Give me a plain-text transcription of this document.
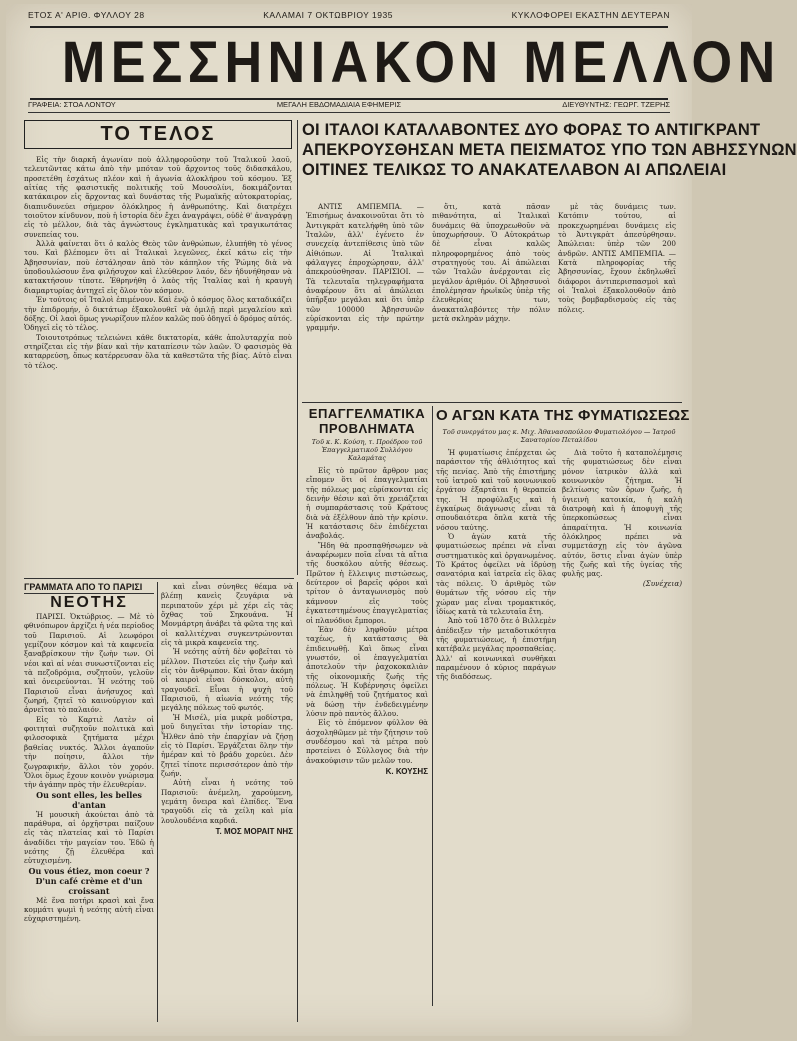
ΕΤΟΣ Α' ΑΡΙΘ. ΦΥΛΛΟΥ 28	ΚΑΛΑΜΑΙ 7 ΟΚΤΩΒΡΙΟΥ 1935	ΚΥΚΛΟΦΟΡΕΙ ΕΚΑΣΤΗΝ ΔΕΥΤΕΡΑΝ
ΜΕΣΣΗΝΙΑΚΟΝ ΜΕΛΛΟΝ
ΓΡΑΦΕΙΑ: ΣΤΟΑ ΛΟΝΤΟΥ	ΜΕΓΑΛΗ ΕΒΔΟΜΑΔΙΑΙΑ ΕΦΗΜΕΡΙΣ	ΔΙΕΥΘΥΝΤΗΣ: ΓΕΩΡΓ. ΤΖΕΡΗΣ
ΤΟ ΤΕΛΟΣ

Εἰς τὴν διαρκῆ ἀγωνίαν ποὺ ἀλληφοροῦσην τοῦ Ἰταλικοῦ λαοῦ, τελευτῶντας κάτω ἀπὸ τὴν μπόταν τοῦ ἄρχοντος τοῦς διδασκάλου, προσετέθη ἐσχάτως πλέον καὶ ἡ ἀγωνία ἀλοκλήρου τοῦ κόσμου. Ἐξ αἰτίας τῆς φασιστικῆς πολιτικῆς τοῦ Μουσολίνι, δοκιμάζονται κατάκαιρον εἰς ἄρχοντας καὶ δυνάστας τῆς Ρωμαϊκῆς αὐτοκρατορίας, διαπινδυνεύει σήμερον ὁλόκληρος ἡ ἀνθρωπότης. Καὶ διατρέχει τοιοῦτον κίνδυνον, ποὺ ἡ ἱστορία δὲν ἔχει ἀναγράψει, οὐδὲ θ' ἀναγράψῃ εἰς τὸ μέλλον, διὰ τὰς ἀγνώστους ἐγκληματικὰς καὶ τραγικωτάτας συνεπείας του.

Ἀλλὰ φαίνεται ὅτι ὁ καλὸς Θεὸς τῶν ἀνθρώπων, ἐλυπήθη τὸ γένος του. Καὶ βλέπομεν ὅτι αἱ Ἰταλικαὶ λεγεῶνες, ἐκεῖ κάτω εἰς τὴν Ἀβησσυνίαν, ποὺ ἐστάλησαν ἀπὸ τὸν κάπηλον τῆς Ῥώμης διὰ νὰ ὑποδουλώσουν ἕνα φιλήσυχον καὶ ἐλεύθερον λαόν, δὲν ἠδυνήθησαν νὰ κατακτήσουν τίποτε. Ἐθρηνήθη ὁ λαὸς τῆς Ἰταλίας καὶ ἡ κραυγὴ διαμαρτυρίας ἀντηχεῖ εἰς ὅλον τὸν κόσμον.

Ἐν τούτοις οἱ Ἰταλοὶ ἐπιμένουν. Καὶ ἐνῷ ὁ κόσμος ὅλος καταδικάζει τὴν ἐπιδρομήν, ὁ δικτάτωρ ἐξακολουθεῖ νὰ ὁμιλῇ περὶ μεγαλείου καὶ δόξης. Οἱ λαοὶ ὅμως γνωρίζουν πλέον καλῶς ποῦ ὁδηγεῖ ὁ δρόμος αὐτός. Ὁδηγεῖ εἰς τὸ τέλος.

Τοιουτοτρόπως τελειώνει κάθε δικτατορία, κάθε ἀπολυταρχία ποὺ στηρίζεται εἰς τὴν βίαν καὶ τὴν καταπίεσιν τῶν λαῶν. Ὁ φασισμὸς θὰ καταρρεύσῃ, ὅπως κατέρρευσαν ὅλα τὰ καθεστῶτα τῆς βίας. Αὐτὸ εἶναι τὸ τέλος.

ΟΙ ΙΤΑΛΟΙ ΚΑΤΑΛΑΒΟΝΤΕΣ ΔΥΟ ΦΟΡΑΣ ΤΟ ΑΝΤΙΓΚΡΑΝΤ
ΑΠΕΚΡΟΥΣΘΗΣΑΝ ΜΕΤΑ ΠΕΙΣΜΑΤΟΣ ΥΠΟ ΤΩΝ ΑΒΗΣΣΥΝΩΝ
ΟΙΤΙΝΕΣ ΤΕΛΙΚΩΣ ΤΟ ΑΝΑΚΑΤΕΛΑΒΟΝ ΑΙ ΑΠΩΛΕΙΑΙ

ΑΝΤΙΣ ΑΜΠΕΜΠΑ. — Ἐπισήμως ἀνακοινοῦται ὅτι τὸ Ἀντιγκρὰτ κατελήφθη ὑπὸ τῶν Ἰταλῶν, ἀλλ' ἐγένετο ἐν συνεχείᾳ ἀντεπίθεσις ὑπὸ τῶν Αἰθιόπων. Αἱ Ἰταλικαὶ φάλαγγες ἐπροχώρησαν, ἀλλ' ἀπεκρούσθησαν. ΠΑΡΙΣΙΟΙ. — Τὰ τελευταῖα τηλεγραφήματα ἀναφέρουν ὅτι αἱ ἀπώλειαι ὑπῆρξαν μεγάλαι καὶ ὅτι ὑπὲρ τῶν 100000 Ἀβησσυνῶν εὑρίσκονται εἰς τὴν πρώτην γραμμήν.

ὅτι, κατὰ πᾶσαν πιθανότητα, αἱ Ἰταλικαὶ δυνάμεις θὰ ὑποχρεωθοῦν νὰ ὑποχωρήσουν. Ὁ Αὐτοκράτωρ δὲ εἶναι καλῶς πληροφορημένος ἀπὸ τοὺς στρατηγούς του. Αἱ ἀπώλειαι τῶν Ἰταλῶν ἀνέρχονται εἰς μεγάλον ἀριθμόν. Οἱ Ἀβησσυνοὶ ἐπολέμησαν ἡρωϊκῶς ὑπὲρ τῆς ἐλευθερίας των, ἀνακαταλαβόντες τὴν πόλιν μετὰ σκληρὰν μάχην.

μὲ τὰς δυνάμεις των. Κατόπιν τούτου, αἱ προκεχωρημέναι δυνάμεις εἰς τὸ Ἀντιγκρὰτ ἀπεσύρθησαν. Ἀπώλειαι: ὑπὲρ τῶν 200 ἀνδρῶν. ΑΝΤΙΣ ΑΜΠΕΜΠΑ. — Κατὰ πληροφορίας τῆς Ἀβησσυνίας, ἔχουν ἐκδηλωθεῖ διάφοροι ἀντιπερισπασμοὶ καὶ οἱ Ἰταλοὶ ἐξακολουθοῦν ἀπὸ τοὺς βομβαρδισμοὺς εἰς τὰς πόλεις.

ΕΠΑΓΓΕΛΜΑΤΙΚΑ ΠΡΟΒΛΗΜΑΤΑ
Τοῦ κ. Κ. Κούση, τ. Προέδρου τοῦ Ἐπαγγελματικοῦ Συλλόγου Καλαμάτας

Εἰς τὸ πρῶτον ἄρθρον μας εἴπομεν ὅτι οἱ ἐπαγγελματίαι τῆς πόλεως μας εὑρίσκονται εἰς δεινὴν θέσιν καὶ ὅτι χρειάζεται ἡ συμπαράστασις τοῦ Κράτους διὰ νὰ ἐξέλθουν ἀπὸ τὴν κρίσιν. Ἡ κατάστασις δὲν ἐπιδέχεται ἀναβολάς.

Ἤδη θὰ προσπαθήσωμεν νὰ ἀναφέρωμεν ποῖα εἶναι τὰ αἴτια τῆς δυσκόλου αὐτῆς θέσεως. Πρῶτον ἡ ἔλλειψις πιστώσεως, δεύτερον οἱ βαρεῖς φόροι καὶ τρίτον ὁ ἀνταγωνισμὸς ποὺ κάμνουν εἰς τοὺς ἐγκατεστημένους ἐπαγγελματίας οἱ πλανόδιοι ἔμποροι.

Ἐὰν δὲν ληφθοῦν μέτρα ταχέως, ἡ κατάστασις θὰ ἐπιδεινωθῇ. Καὶ ὅπως εἶναι γνωστόν, οἱ ἐπαγγελματίαι ἀποτελοῦν τὴν ῥαχοκοκαλιὰν τῆς οἰκονομικῆς ζωῆς τῆς πόλεως. Ἡ Κυβέρνησις ὀφείλει νὰ ἐπιληφθῇ τοῦ ζητήματος καὶ νὰ δώσῃ τὴν ἐνδεδειγμένην λύσιν πρὸ παντὸς ἄλλου.

Εἰς τὸ ἐπόμενον φύλλον θὰ ἀσχοληθῶμεν μὲ τὴν ζήτησιν τοῦ συνδέσμου καὶ τὰ μέτρα ποὺ προτείνει ὁ Σύλλογος διὰ τὴν ἀνακούφισιν τῶν μελῶν του.

Κ. ΚΟΥΣΗΣ
Ο ΑΓΩΝ ΚΑΤΑ ΤΗΣ ΦΥΜΑΤΙΩΣΕΩΣ
Τοῦ συνεργάτου μας κ. Μιχ. Ἀθανασοπούλου Φυματιολόγου — Ἰατροῦ Σανατορίου Πεταλίδου

Ἡ φυματίωσις ἐπέρχεται ὡς παράσιτον τῆς ἀθλιότητος καὶ τῆς πενίας. Ἀπὸ τῆς ἐπιστήμης τοῦ ἰατροῦ καὶ τοῦ κοινωνικοῦ ἐργάτου ἐξαρτᾶται ἡ θεραπεία της. Ἡ προφύλαξις καὶ ἡ ἐγκαίρως διάγνωσις εἶναι τὰ σπουδαιότερα ὅπλα κατὰ τῆς νόσου ταύτης.

Ὁ ἀγὼν κατὰ τῆς φυματιώσεως πρέπει νὰ εἶναι συστηματικὸς καὶ ὀργανωμένος. Τὸ Κράτος ὀφείλει νὰ ἱδρύσῃ σανατόρια καὶ ἰατρεῖα εἰς ὅλας τὰς πόλεις. Ὁ ἀριθμὸς τῶν θυμάτων τῆς νόσου εἰς τὴν χώραν μας εἶναι τρομακτικός, ἰδίως κατὰ τὰ τελευταῖα ἔτη.

Ἀπὸ τοῦ 1870 ὅτε ὁ Βιλλεμὲν ἀπέδειξεν τὴν μεταδοτικότητα τῆς φυματιώσεως, ἡ ἐπιστήμη κατέβαλε μεγάλας προσπαθείας. Ἀλλ' αἱ κοινωνικαὶ συνθῆκαι παραμένουν ὁ κύριος παράγων τῆς διαδόσεως.

Διὰ τοῦτο ἡ καταπολέμησις τῆς φυματιώσεως δὲν εἶναι μόνον ἰατρικὸν ἀλλὰ καὶ κοινωνικὸν ζήτημα. Ἡ βελτίωσις τῶν ὅρων ζωῆς, ἡ ὑγιεινὴ κατοικία, ἡ καλὴ διατροφὴ καὶ ἡ ἀποφυγὴ τῆς ὑπερκοπώσεως εἶναι ἀπαραίτητα. Ἡ κοινωνία ὁλόκληρος πρέπει νὰ συμμετάσχῃ εἰς τὸν ἀγῶνα αὐτόν, ὅστις εἶναι ἀγὼν ὑπὲρ τῆς ζωῆς καὶ τῆς ὑγείας τῆς φυλῆς μας.

(Συνέχεια)
ΓΡΑΜΜΑΤΑ ΑΠΟ ΤΟ ΠΑΡΙΣΙ
ΝΕΟΤΗΣ

ΠΑΡΙΣΙ. Ὀκτώβριος. — Μὲ τὸ φθινόπωρον ἀρχίζει ἡ νέα περίοδος τοῦ Παρισιοῦ. Αἱ λεωφόροι γεμίζουν κόσμον καὶ τὰ καφενεῖα ξαναβρίσκουν τὴν ζωὴν των. Οἱ νέοι καὶ αἱ νέαι συνωστίζονται εἰς τὰ πεζοδρόμια, συζητοῦν, γελοῦν καὶ ὀνειρεύονται. Ἡ νεότης τοῦ Παρισιοῦ εἶναι ἀνήσυχος καὶ ζωηρή, ζητεῖ τὸ καινούργιον καὶ ἀρνεῖται τὸ παλαιόν.

Εἰς τὸ Καρτιὲ Λατὲν οἱ φοιτηταὶ συζητοῦν πολιτικὰ καὶ φιλοσοφικὰ ζητήματα μέχρι βαθείας νυκτός. Ἄλλοι ἀγαποῦν τὴν ποίησιν, ἄλλοι τὴν ζωγραφικήν, ἄλλοι τὸν χορόν. Ὅλοι ὅμως ἔχουν κοινὸν γνώρισμα τὴν ἀγάπην πρὸς τὴν ἐλευθερίαν.

Ou sont elles, les belles d'antan

Ἡ μουσικὴ ἀκούεται ἀπὸ τὰ παράθυρα, αἱ ὀρχῆστραι παίζουν εἰς τὰς πλατείας καὶ τὸ Παρίσι ἀναδίδει τὴν μαγείαν του. Ἐδῶ ἡ νεότης ζῇ ἐλευθέρα καὶ εὐτυχισμένη.

Ou vous étiez, mon coeur ? D'un café crème et d'un croissant

Μὲ ἕνα ποτήρι κρασὶ καὶ ἕνα κομμάτι ψωμὶ ἡ νεότης αὐτὴ εἶναι εὐχαριστημένη.

καὶ εἶναι σύνηθες θέαμα νὰ βλέπῃ κανεὶς ζευγάρια νὰ περιπατοῦν χέρι μὲ χέρι εἰς τὰς ὄχθας τοῦ Σηκουάνα. Ἡ Μονμάρτρη ἀνάβει τὰ φῶτα της καὶ οἱ καλλιτέχναι συγκεντρώνονται εἰς τὰ μικρὰ καφενεῖα της.

Ἡ νεότης αὐτὴ δὲν φοβεῖται τὸ μέλλον. Πιστεύει εἰς τὴν ζωὴν καὶ εἰς τὸν ἄνθρωπον. Καὶ ὅταν ἀκόμη οἱ καιροὶ εἶναι δύσκολοι, αὐτὴ τραγουδεῖ. Εἶναι ἡ ψυχὴ τοῦ Παρισιοῦ, ἡ αἰωνία νεότης τῆς μεγάλης πόλεως τοῦ φωτός.

Ἡ Μισέλ, μία μικρὰ μοδίστρα, μοῦ διηγεῖται τὴν ἱστορίαν της. Ἦλθεν ἀπὸ τὴν ἐπαρχίαν νὰ ζήσῃ εἰς τὸ Παρίσι. Ἐργάζεται ὅλην τὴν ἡμέραν καὶ τὸ βράδυ χορεύει. Δὲν ζητεῖ τίποτε περισσότερον ἀπὸ τὴν ζωήν.

Αὐτὴ εἶναι ἡ νεότης τοῦ Παρισιοῦ: ἀνέμελη, χαρούμενη, γεμάτη ὄνειρα καὶ ἐλπίδες. Ἕνα τραγοῦδι εἰς τὰ χείλη καὶ μία λουλουδένια καρδιά.

Τ. ΜΟΣ ΜΟΡΑΙΤ ΝΗΣ
